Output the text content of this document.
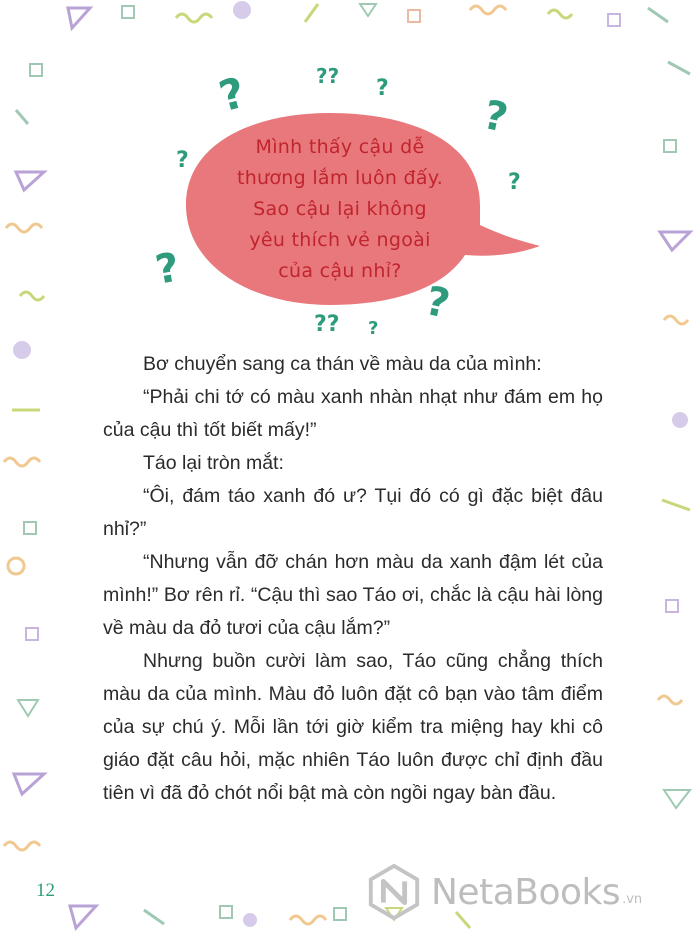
Mình thấy cậu dễ
thương lắm luôn đấy.
Sao cậu lại không
yêu thích vẻ ngoài
của cậu nhỉ?
?	?? ?
?
?
?
?
?
?
??

Bơ chuyển sang ca thán về màu da của mình:

“Phải chi tớ có màu xanh nhàn nhạt như đám em họ của cậu thì tốt biết mấy!”

Táo lại tròn mắt:

“Ôi, đám táo xanh đó ư? Tụi đó có gì đặc biệt đâu nhỉ?”

“Nhưng vẫn đỡ chán hơn màu da xanh đậm lét của mình!” Bơ rên rỉ. “Cậu thì sao Táo ơi, chắc là cậu hài lòng về màu da đỏ tươi của cậu lắm?”

Nhưng buồn cười làm sao, Táo cũng chẳng thích màu da của mình. Màu đỏ luôn đặt cô bạn vào tâm điểm của sự chú ý. Mỗi lần tới giờ kiểm tra miệng hay khi cô giáo đặt câu hỏi, mặc nhiên Táo luôn được chỉ định đầu tiên vì đã đỏ chót nổi bật mà còn ngồi ngay bàn đầu.

12	NetaBooks .vn
